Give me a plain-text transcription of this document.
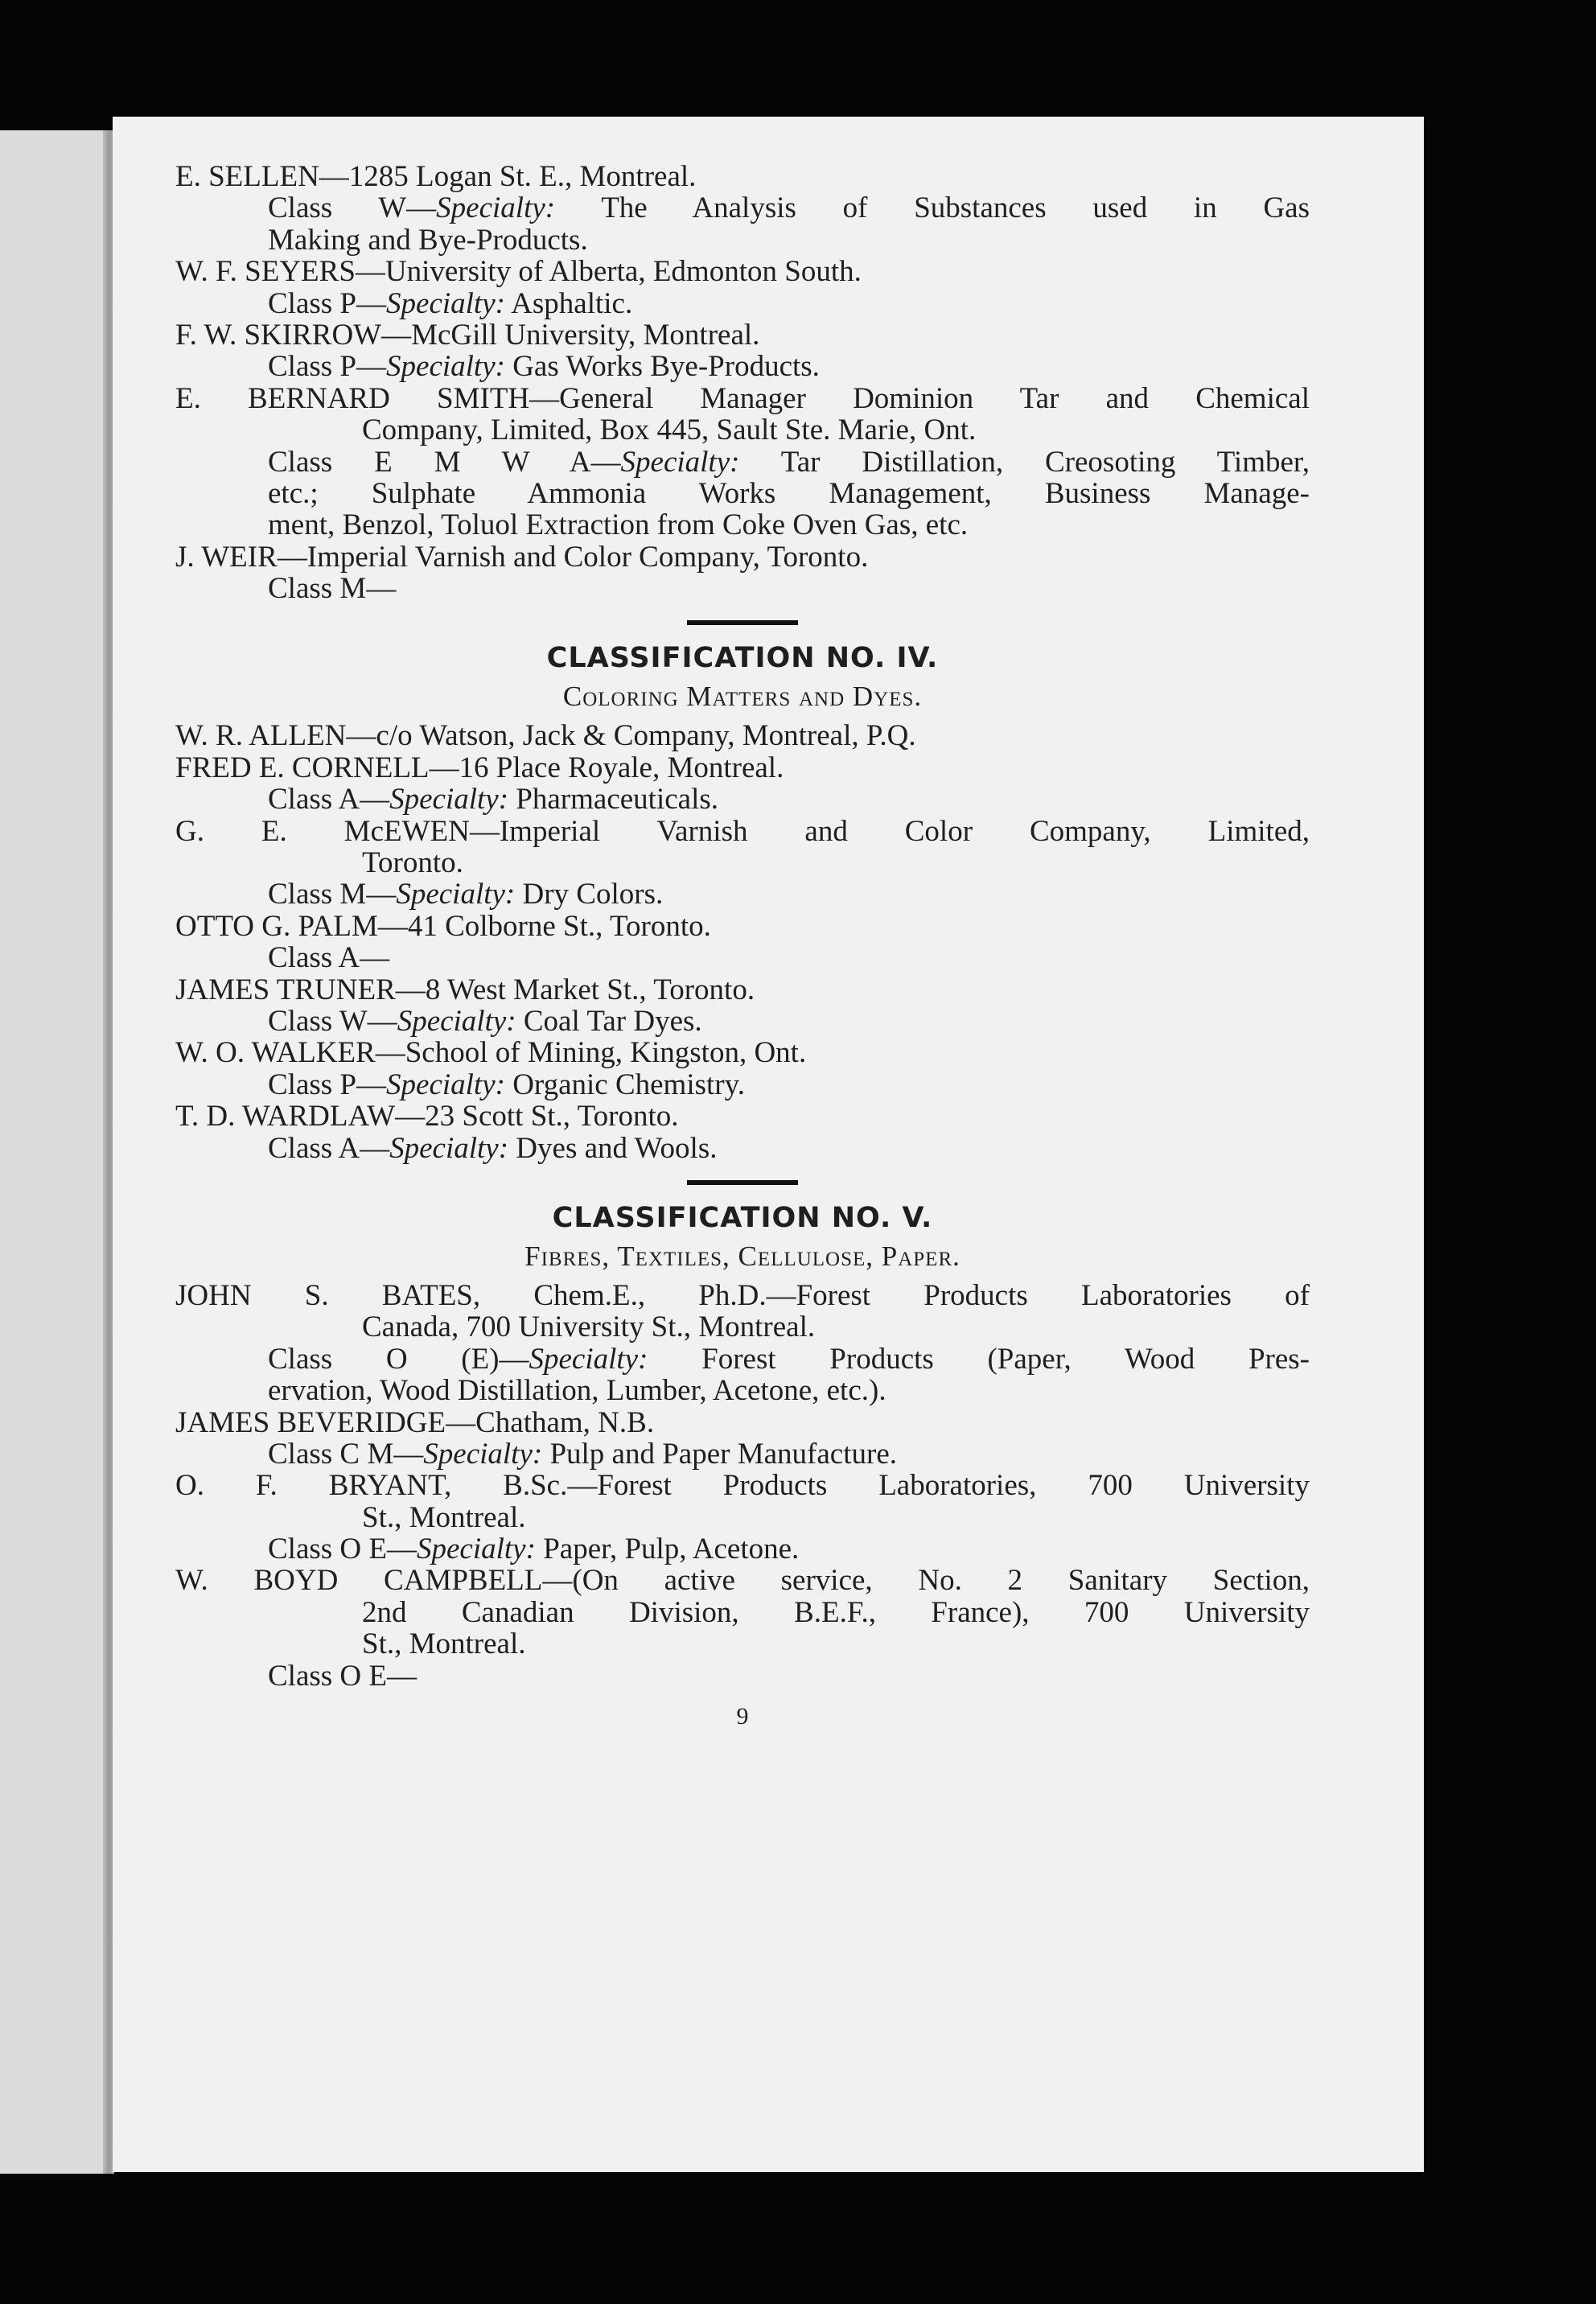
E. SELLEN—1285 Logan St. E., Montreal.
Class W—Specialty: The Analysis of Substances used in Gas
Making and Bye-Products.
W. F. SEYERS—University of Alberta, Edmonton South.
Class P—Specialty: Asphaltic.
F. W. SKIRROW—McGill University, Montreal.
Class P—Specialty: Gas Works Bye-Products.
E. BERNARD SMITH—General Manager Dominion Tar and Chemical
Company, Limited, Box 445, Sault Ste. Marie, Ont.
Class E M W A—Specialty: Tar Distillation, Creosoting Timber,
etc.; Sulphate Ammonia Works Management, Business Manage-
ment, Benzol, Toluol Extraction from Coke Oven Gas, etc.
J. WEIR—Imperial Varnish and Color Company, Toronto.
Class M—
CLASSIFICATION NO. IV.
Coloring Matters and Dyes.
W. R. ALLEN—c/o Watson, Jack & Company, Montreal, P.Q.
FRED E. CORNELL—16 Place Royale, Montreal.
Class A—Specialty: Pharmaceuticals.
G. E. McEWEN—Imperial Varnish and Color Company, Limited,
Toronto.
Class M—Specialty: Dry Colors.
OTTO G. PALM—41 Colborne St., Toronto.
Class A—
JAMES TRUNER—8 West Market St., Toronto.
Class W—Specialty: Coal Tar Dyes.
W. O. WALKER—School of Mining, Kingston, Ont.
Class P—Specialty: Organic Chemistry.
T. D. WARDLAW—23 Scott St., Toronto.
Class A—Specialty: Dyes and Wools.
CLASSIFICATION NO. V.
Fibres, Textiles, Cellulose, Paper.
JOHN S. BATES, Chem.E., Ph.D.—Forest Products Laboratories of
Canada, 700 University St., Montreal.
Class O (E)—Specialty: Forest Products (Paper, Wood Pres-
ervation, Wood Distillation, Lumber, Acetone, etc.).
JAMES BEVERIDGE—Chatham, N.B.
Class C M—Specialty: Pulp and Paper Manufacture.
O. F. BRYANT, B.Sc.—Forest Products Laboratories, 700 University
St., Montreal.
Class O E—Specialty: Paper, Pulp, Acetone.
W. BOYD CAMPBELL—(On active service, No. 2 Sanitary Section,
2nd Canadian Division, B.E.F., France), 700 University
St., Montreal.
Class O E—
9
